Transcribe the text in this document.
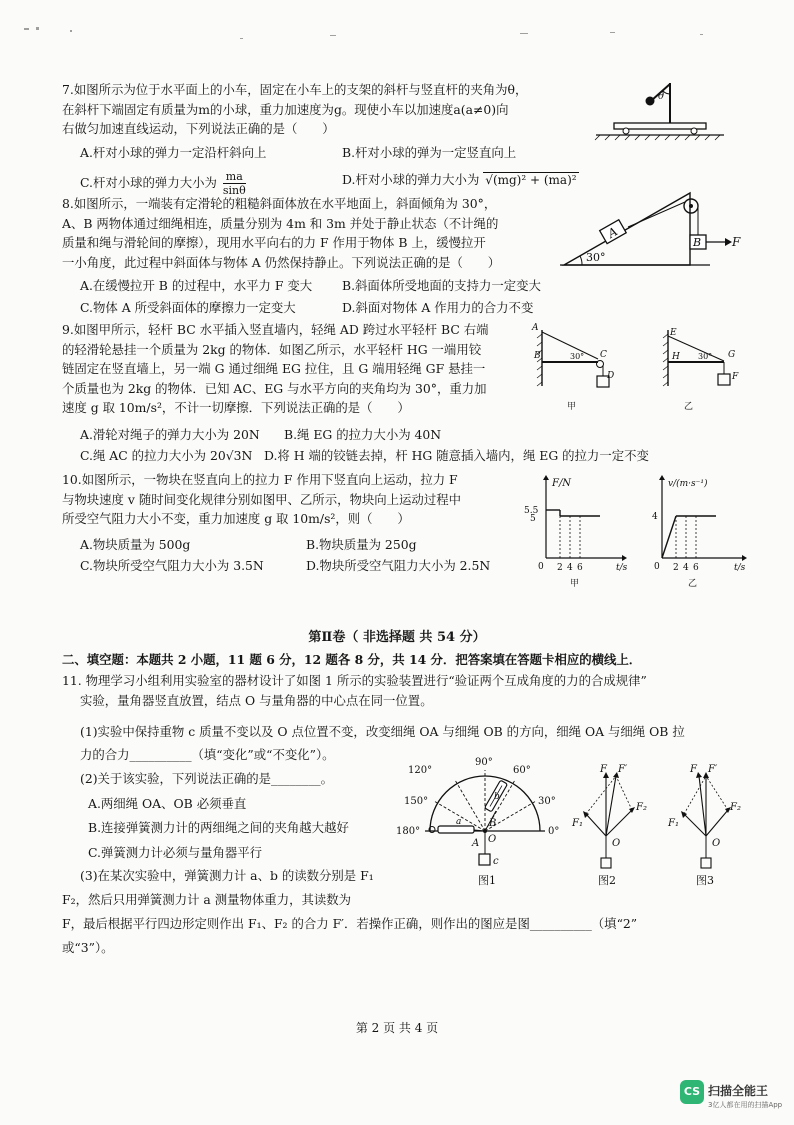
7.如图所示为位于水平面上的小车，固定在小车上的支架的斜杆与竖直杆的夹角为θ，
在斜杆下端固定有质量为m的小球，重力加速度为g。现使小车以加速度a(a≠0)向
右做匀加速直线运动，下列说法正确的是（　　）
A.杆对小球的弹力一定沿杆斜向上	B.杆对小球的弹为一定竖直向上
C.杆对小球的弹力大小为 $\frac{ma}{\sin\theta}$	D.杆对小球的弹力大小为 √(mg)² + (ma)²
θ
8.如图所示，一端装有定滑轮的粗糙斜面体放在水平地面上，斜面倾角为 30°，
A、B 两物体通过细绳相连，质量分别为 4m 和 3m 并处于静止状态（不计绳的
质量和绳与滑轮间的摩擦），现用水平向右的力 F 作用于物体 B 上，缓慢拉开
一小角度，此过程中斜面体与物体 A 仍然保持静止。下列说法正确的是（　　）
A.在缓慢拉开 B 的过程中，水平力 F 变大 B.斜面体所受地面的支持力一定变大
C.物体 A 所受斜面体的摩擦力一定变大	D.斜面对物体 A 作用力的合力不变
A
B	F
30°
9.如图甲所示，轻杆 BC 水平插入竖直墙内，轻绳 AD 跨过水平轻杆 BC 右端
的轻滑轮悬挂一个质量为 2kg 的物体．如图乙所示，水平轻杆 HG 一端用铰
链固定在竖直墙上，另一端 G 通过细绳 EG 拉住，且 G 端用轻绳 GF 悬挂一
个质量也为 2kg 的物体．已知 AC、EG 与水平方向的夹角均为 30°，重力加
速度 g 取 10m/s²，不计一切摩擦．下列说法正确的是（　　）
A.滑轮对绳子的弹力大小为 20N B.绳 EG 的拉力大小为 40N
C.绳 AC 的拉力大小为 20√3N D.将 H 端的铰链去掉，杆 HG 随意插入墙内，绳 EG 的拉力一定不变
B
A
C
D
30°
甲
E
H	G
F
30°
乙
10.如图所示，一物块在竖直向上的拉力 F 作用下竖直向上运动，拉力 F
与物块速度 v 随时间变化规律分别如图甲、乙所示，物块向上运动过程中
所受空气阻力大小不变，重力加速度 g 取 10m/s²，则（　　）
A.物块质量为 500g	B.物块质量为 250g
C.物块所受空气阻力大小为 3.5N	D.物块所受空气阻力大小为 2.5N
F/N
5.5
5
0 2 4 6	t/s
甲
v/(m·s⁻¹)
4
0 2 4 6	t/s
乙
第Ⅱ卷（ 非选择题 共 54 分）
二、填空题：本题共 2 小题，11 题 6 分，12 题各 8 分，共 14 分．把答案填在答题卡相应的横线上．
11. 物理学习小组利用实验室的器材设计了如图 1 所示的实验装置进行“验证两个互成角度的力的合成规律”
实验，量角器竖直放置，结点 O 与量角器的中心点在同一位置。
(1)实验中保持重物 c 质量不变以及 O 点位置不变，改变细绳 OA 与细绳 OB 的方向，细绳 OA 与细绳 OB 拉
力的合力__________（填“变化”或“不变化”）。
(2)关于该实验，下列说法正确的是________。
A.两细绳 OA、OB 必须垂直
B.连接弹簧测力计的两细绳之间的夹角越大越好
C.弹簧测力计必须与量角器平行
(3)在某次实验中，弹簧测力计 a、b 的读数分别是 F₁
F₂，然后只用弹簧测力计 a 测量物体重力，其读数为
F，最后根据平行四边形定则作出 F₁、F₂ 的合力 F′．若操作正确，则作出的图应是图__________（填“2”
或“3”）。
120°
90°
60°
150°	30°
180°	0°
a
b
A
B
O
c
图1
F F′
F₁
F₂
O
图2
F F′
F₁
F₂
O
图3
第 2 页 共 4 页
CS 扫描全能王
3亿人都在用的扫描App
